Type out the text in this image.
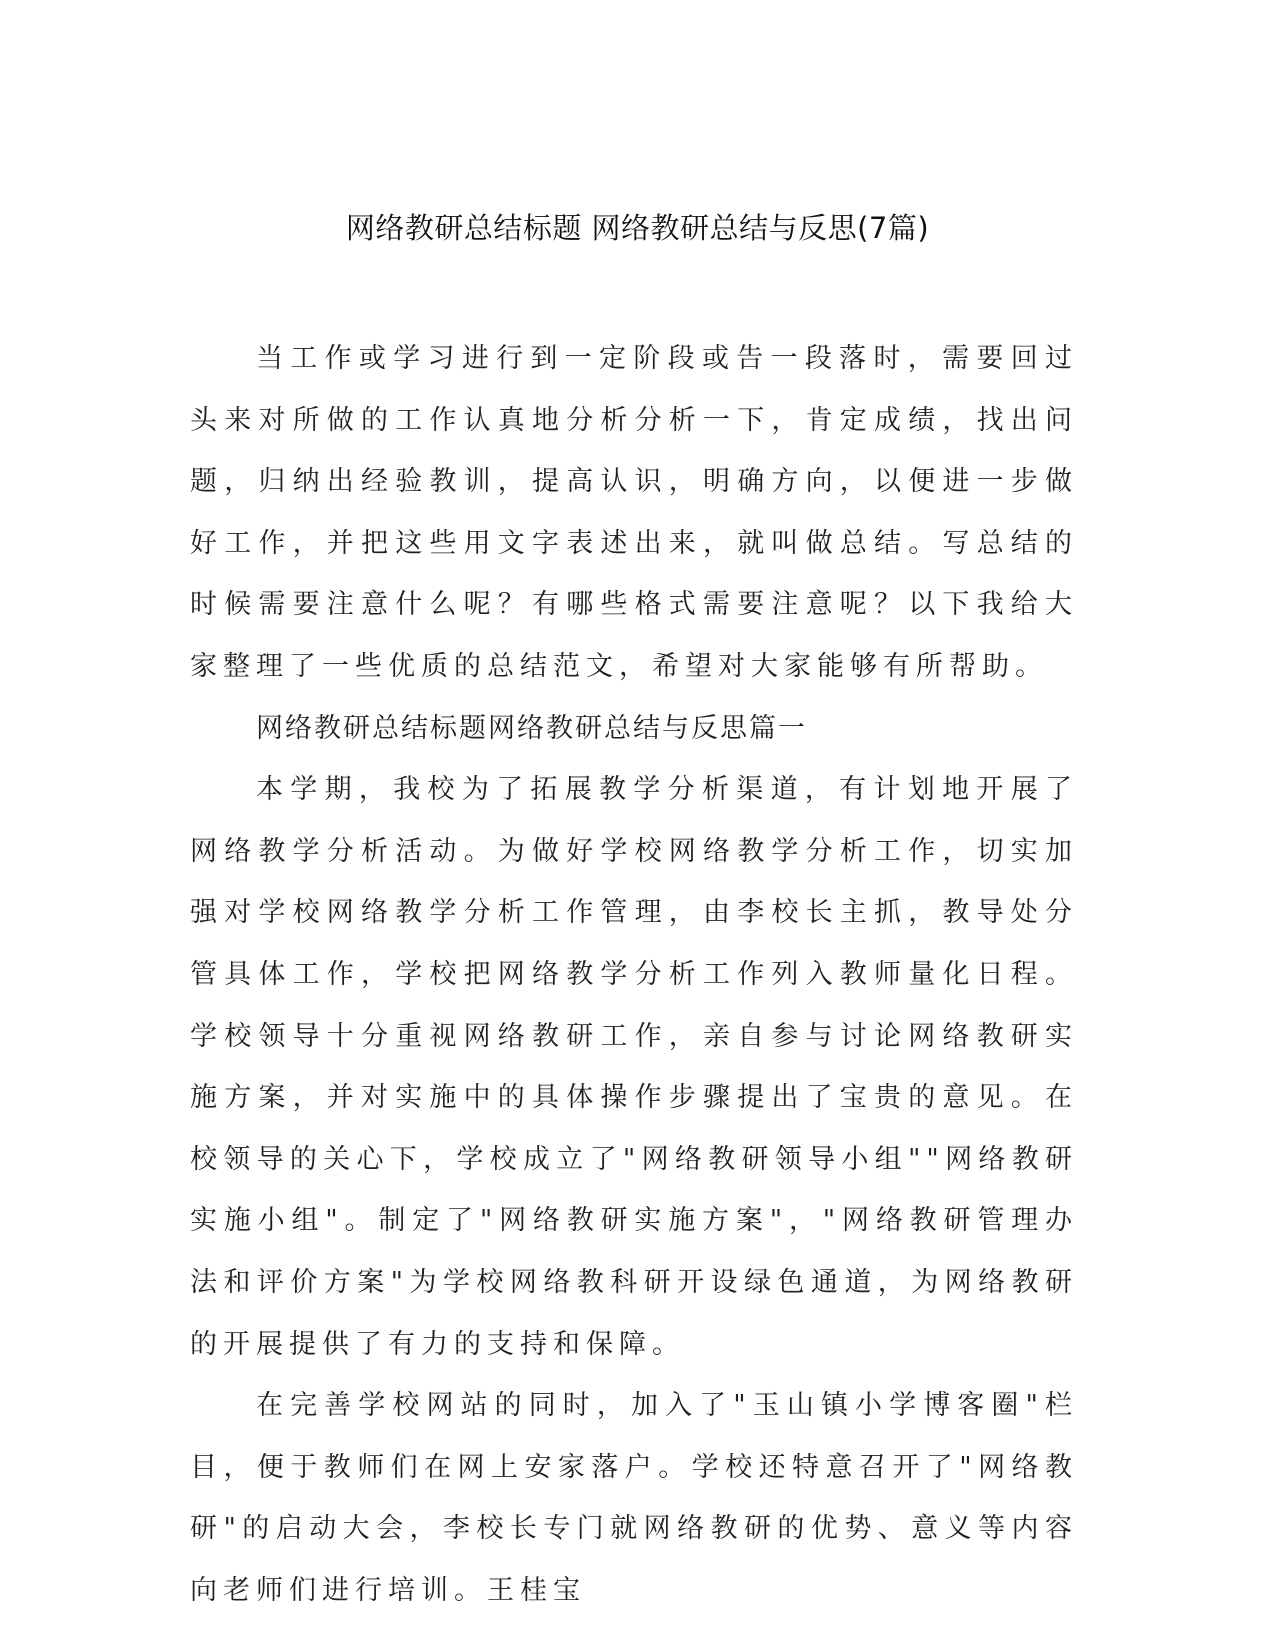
网络教研总结标题 网络教研总结与反思(7篇)

当工作或学习进行到一定阶段或告一段落时，需要回过头来对所做的工作认真地分析分析一下，肯定成绩，找出问题，归纳出经验教训，提高认识，明确方向，以便进一步做好工作，并把这些用文字表述出来，就叫做总结。写总结的时候需要注意什么呢？有哪些格式需要注意呢？以下我给大家整理了一些优质的总结范文，希望对大家能够有所帮助。

网络教研总结标题网络教研总结与反思篇一

本学期，我校为了拓展教学分析渠道，有计划地开展了网络教学分析活动。为做好学校网络教学分析工作，切实加强对学校网络教学分析工作管理，由李校长主抓，教导处分管具体工作，学校把网络教学分析工作列入教师量化日程。学校领导十分重视网络教研工作，亲自参与讨论网络教研实施方案，并对实施中的具体操作步骤提出了宝贵的意见。在校领导的关心下，学校成立了"网络教研领导小组""网络教研实施小组"。制定了"网络教研实施方案"，"网络教研管理办法和评价方案"为学校网络教科研开设绿色通道，为网络教研的开展提供了有力的支持和保障。

在完善学校网站的同时，加入了"玉山镇小学博客圈"栏目，便于教师们在网上安家落户。学校还特意召开了"网络教研"的启动大会，李校长专门就网络教研的优势、意义等内容向老师们进行培训。王桂宝
